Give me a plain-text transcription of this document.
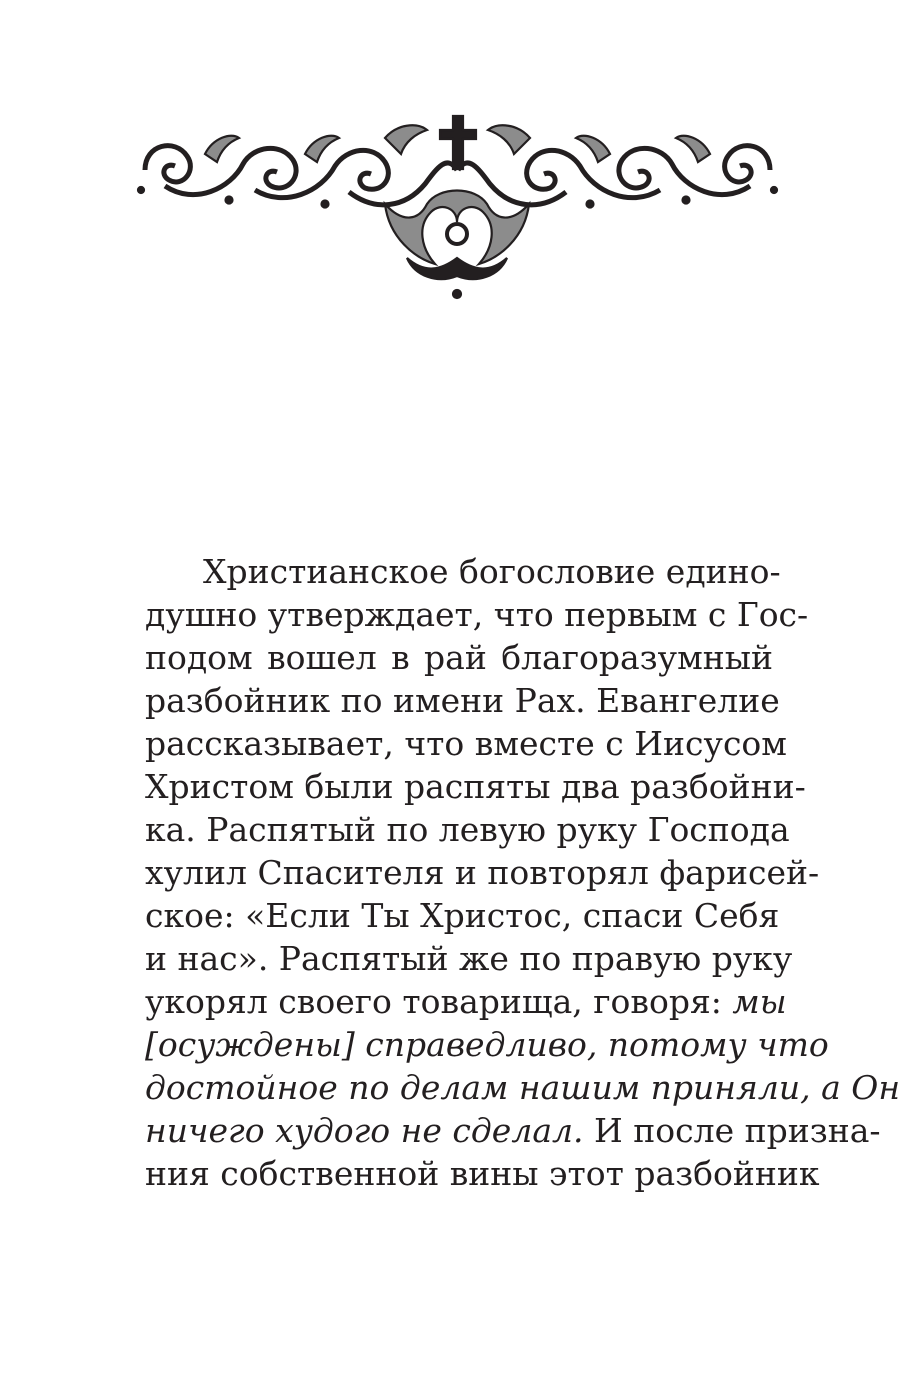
Христианское богословие едино-
душно утверждает, что первым с Гос-
подом вошел в рай благоразумный
разбойник по имени Рах. Евангелие
рассказывает, что вместе с Иисусом
Христом были распяты два разбойни-
ка. Распятый по левую руку Господа
хулил Спасителя и повторял фарисей-
ское: «Если Ты Христос, спаси Себя
и нас». Распятый же по правую руку
укорял своего товарища, говоря: мы
[осуждены] справедливо, потому что
достойное по делам нашим приняли, а Он
ничего худого не сделал. И после призна-
ния собственной вины этот разбойник
